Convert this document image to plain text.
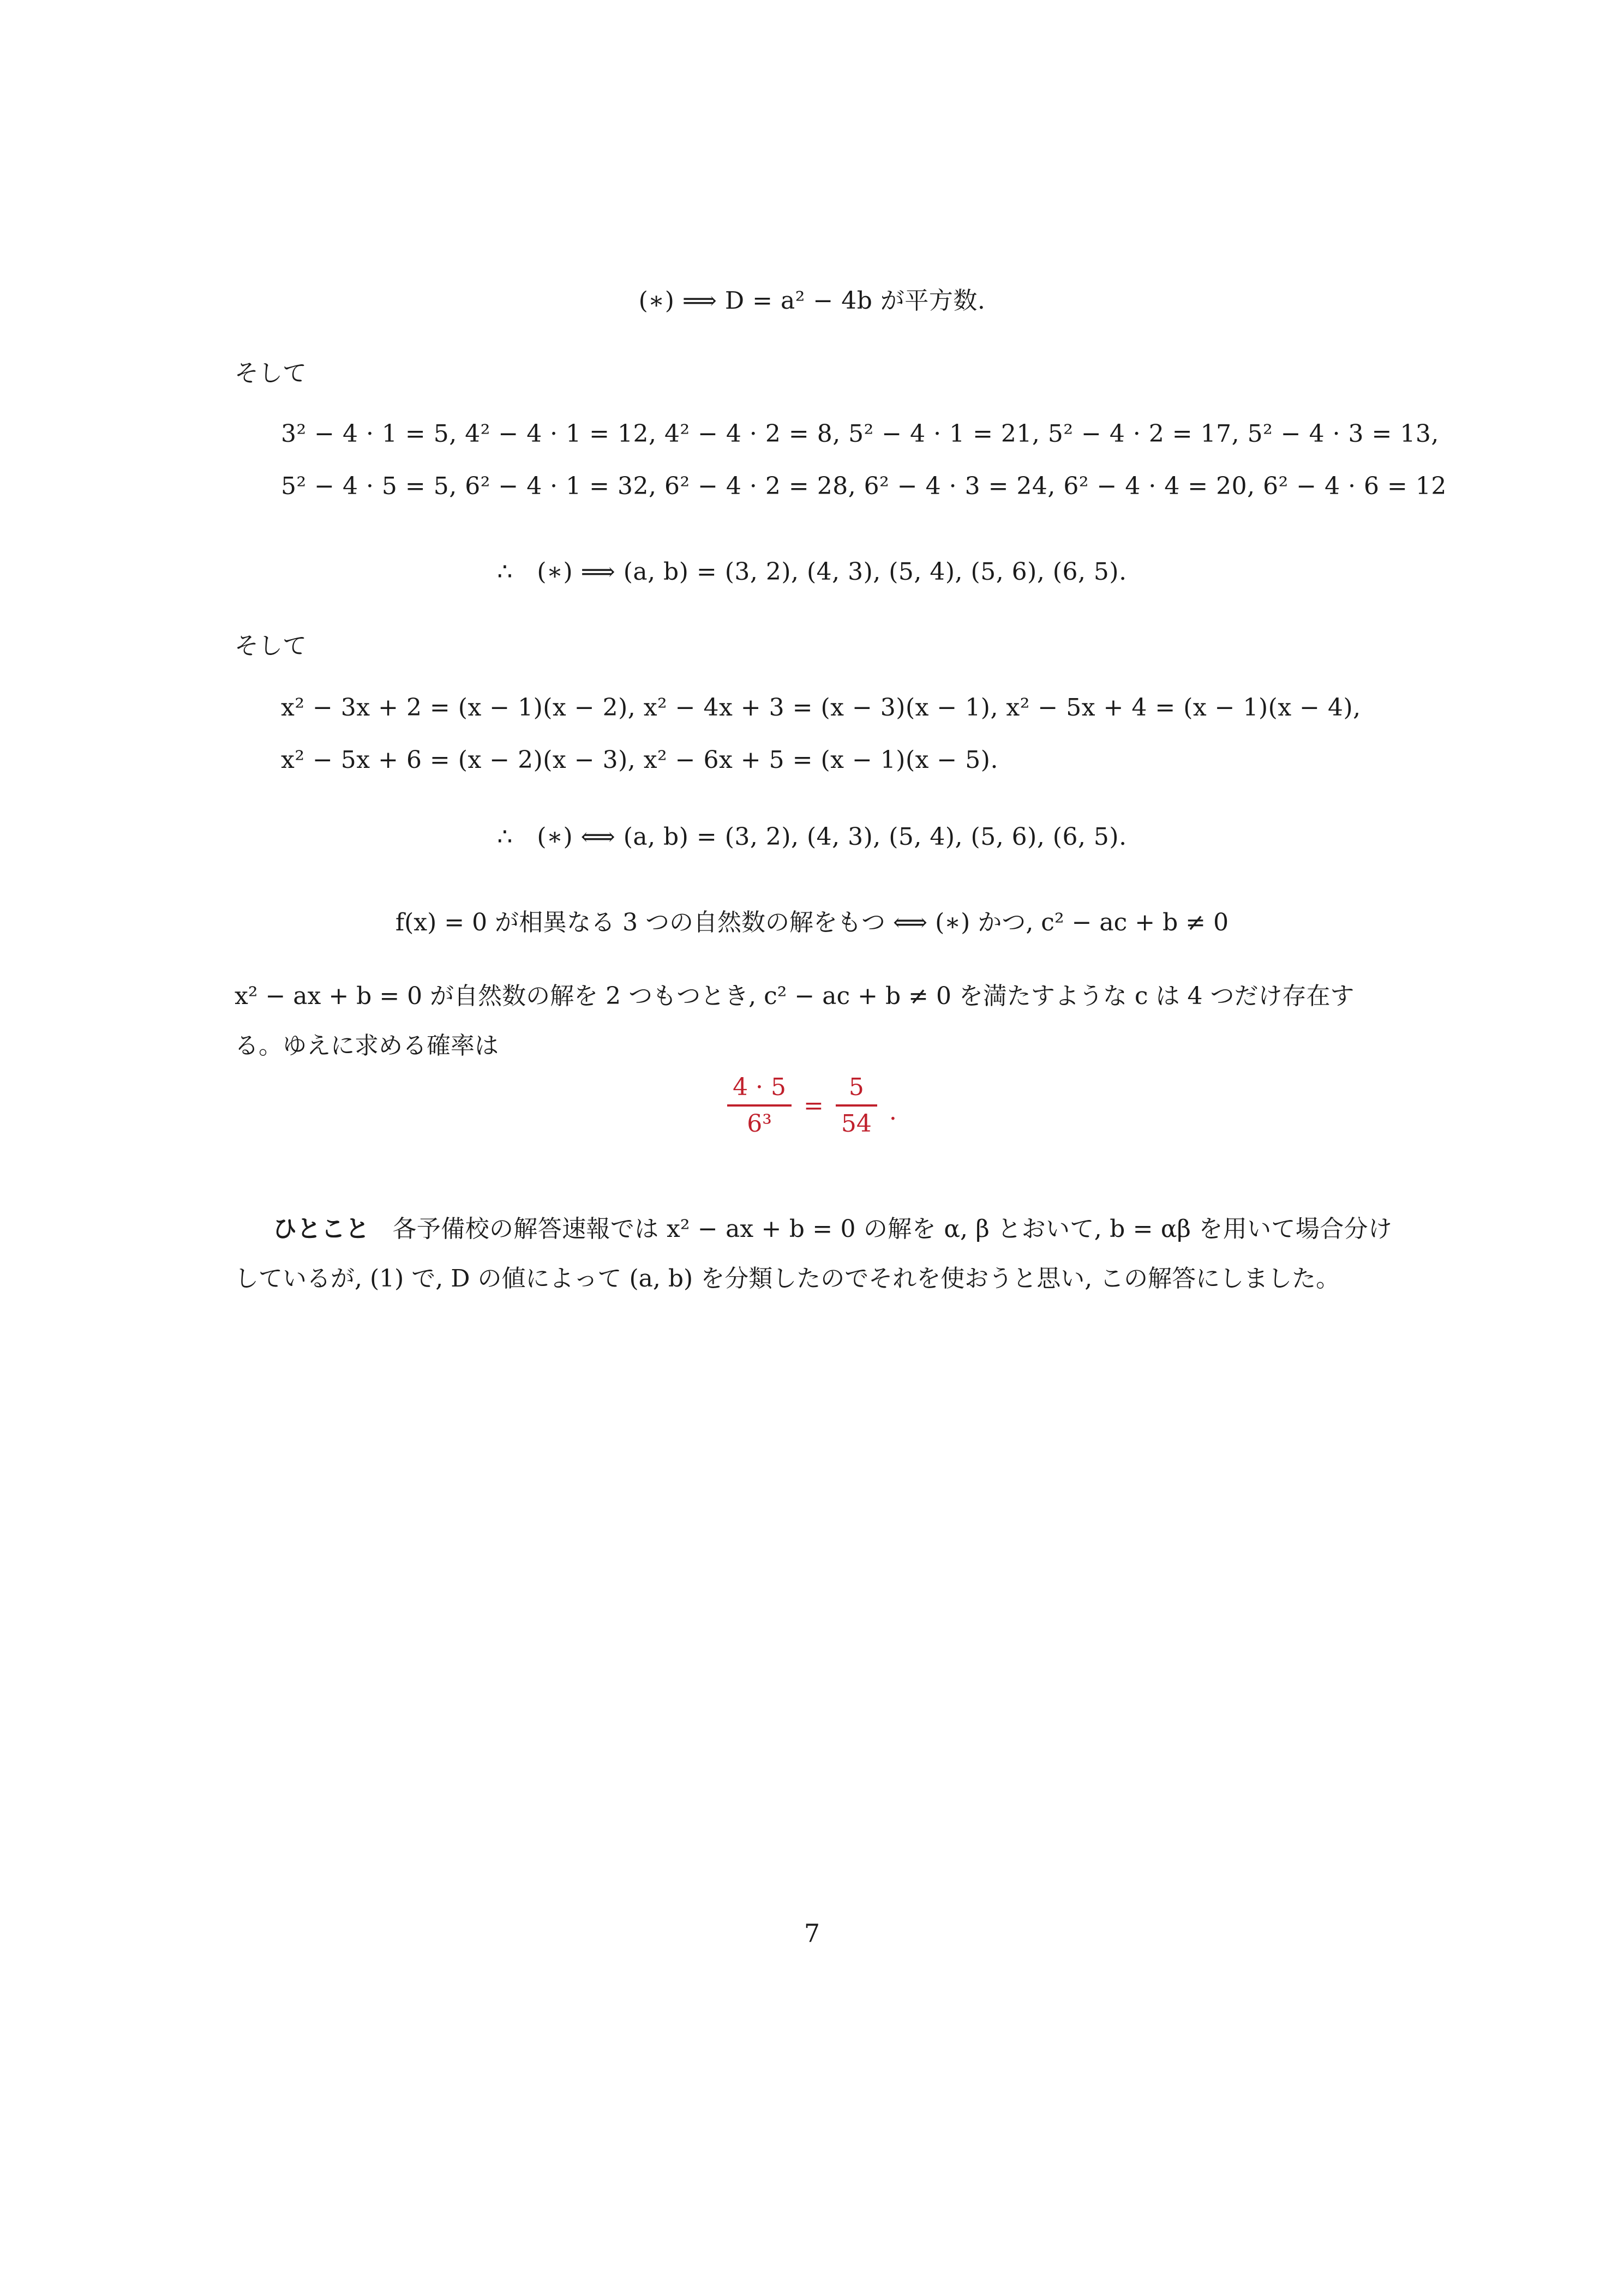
(∗) ⟹ D = a² − 4b が平方数.
そして
3² − 4 · 1 = 5, 4² − 4 · 1 = 12, 4² − 4 · 2 = 8, 5² − 4 · 1 = 21, 5² − 4 · 2 = 17, 5² − 4 · 3 = 13,
5² − 4 · 5 = 5, 6² − 4 · 1 = 32, 6² − 4 · 2 = 28, 6² − 4 · 3 = 24, 6² − 4 · 4 = 20, 6² − 4 · 6 = 12
∴　(∗) ⟹ (a, b) = (3, 2), (4, 3), (5, 4), (5, 6), (6, 5).
そして
x² − 3x + 2 = (x − 1)(x − 2), x² − 4x + 3 = (x − 3)(x − 1), x² − 5x + 4 = (x − 1)(x − 4),
x² − 5x + 6 = (x − 2)(x − 3), x² − 6x + 5 = (x − 1)(x − 5).
∴　(∗) ⟺ (a, b) = (3, 2), (4, 3), (5, 4), (5, 6), (6, 5).
f(x) = 0 が相異なる 3 つの自然数の解をもつ ⟺ (∗) かつ, c² − ac + b ≠ 0
x² − ax + b = 0 が自然数の解を 2 つもつとき, c² − ac + b ≠ 0 を満たすような c は 4 つだけ存在す
る。ゆえに求める確率は
$\frac{4 \cdot 5}{\text{6³}} = \frac{5}{54}$ .
ひとこと 各予備校の解答速報では x² − ax + b = 0 の解を α, β とおいて, b = αβ を用いて場合分けしているが, (1) で, D の値によって (a, b) を分類したのでそれを使おうと思い, この解答にしました。
7
